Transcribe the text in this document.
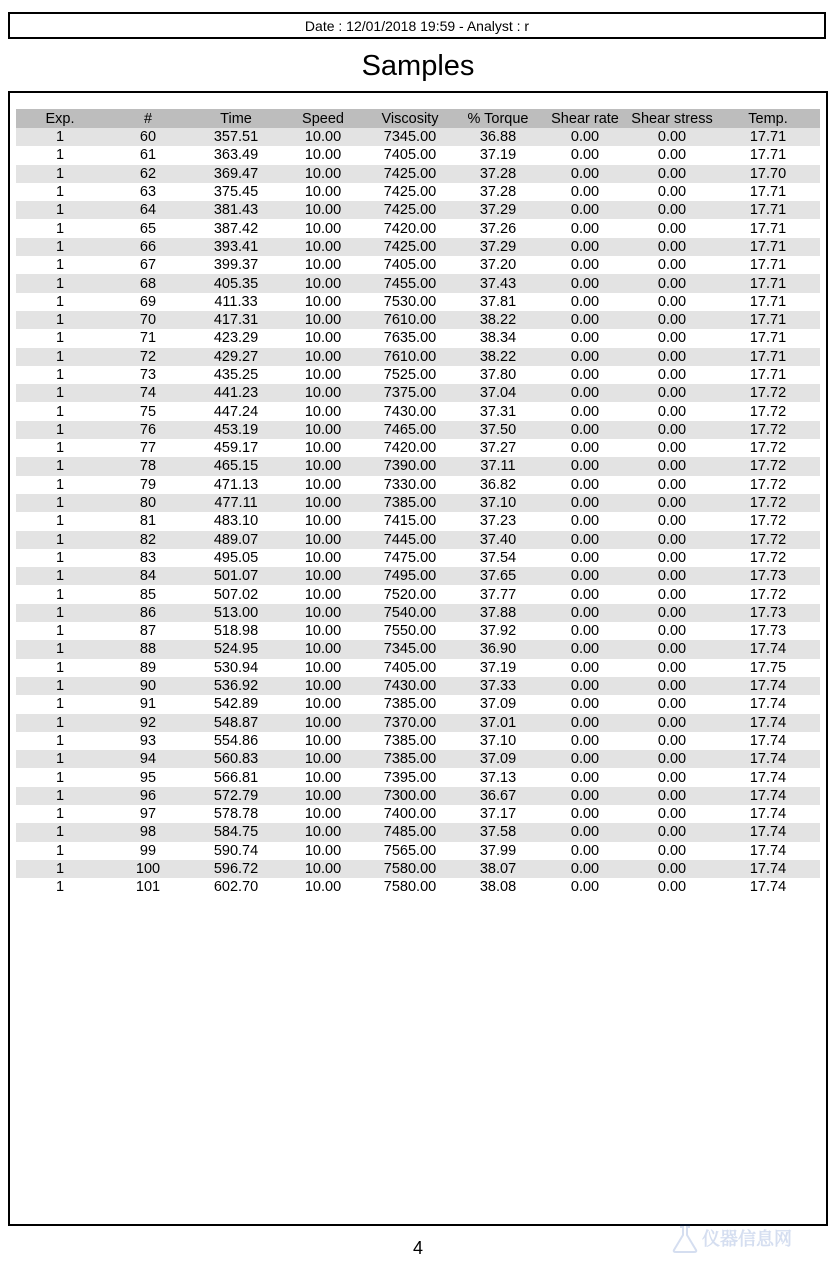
Date : 12/01/2018 19:59 - Analyst : r
Samples
Exp.	#	Time	Speed	Viscosity	% Torque	Shear rate	Shear stress	Temp.
1	60	357.51	10.00	7345.00	36.88	0.00	0.00	17.71
1	61	363.49	10.00	7405.00	37.19	0.00	0.00	17.71
1	62	369.47	10.00	7425.00	37.28	0.00	0.00	17.70
1	63	375.45	10.00	7425.00	37.28	0.00	0.00	17.71
1	64	381.43	10.00	7425.00	37.29	0.00	0.00	17.71
1	65	387.42	10.00	7420.00	37.26	0.00	0.00	17.71
1	66	393.41	10.00	7425.00	37.29	0.00	0.00	17.71
1	67	399.37	10.00	7405.00	37.20	0.00	0.00	17.71
1	68	405.35	10.00	7455.00	37.43	0.00	0.00	17.71
1	69	411.33	10.00	7530.00	37.81	0.00	0.00	17.71
1	70	417.31	10.00	7610.00	38.22	0.00	0.00	17.71
1	71	423.29	10.00	7635.00	38.34	0.00	0.00	17.71
1	72	429.27	10.00	7610.00	38.22	0.00	0.00	17.71
1	73	435.25	10.00	7525.00	37.80	0.00	0.00	17.71
1	74	441.23	10.00	7375.00	37.04	0.00	0.00	17.72
1	75	447.24	10.00	7430.00	37.31	0.00	0.00	17.72
1	76	453.19	10.00	7465.00	37.50	0.00	0.00	17.72
1	77	459.17	10.00	7420.00	37.27	0.00	0.00	17.72
1	78	465.15	10.00	7390.00	37.11	0.00	0.00	17.72
1	79	471.13	10.00	7330.00	36.82	0.00	0.00	17.72
1	80	477.11	10.00	7385.00	37.10	0.00	0.00	17.72
1	81	483.10	10.00	7415.00	37.23	0.00	0.00	17.72
1	82	489.07	10.00	7445.00	37.40	0.00	0.00	17.72
1	83	495.05	10.00	7475.00	37.54	0.00	0.00	17.72
1	84	501.07	10.00	7495.00	37.65	0.00	0.00	17.73
1	85	507.02	10.00	7520.00	37.77	0.00	0.00	17.72
1	86	513.00	10.00	7540.00	37.88	0.00	0.00	17.73
1	87	518.98	10.00	7550.00	37.92	0.00	0.00	17.73
1	88	524.95	10.00	7345.00	36.90	0.00	0.00	17.74
1	89	530.94	10.00	7405.00	37.19	0.00	0.00	17.75
1	90	536.92	10.00	7430.00	37.33	0.00	0.00	17.74
1	91	542.89	10.00	7385.00	37.09	0.00	0.00	17.74
1	92	548.87	10.00	7370.00	37.01	0.00	0.00	17.74
1	93	554.86	10.00	7385.00	37.10	0.00	0.00	17.74
1	94	560.83	10.00	7385.00	37.09	0.00	0.00	17.74
1	95	566.81	10.00	7395.00	37.13	0.00	0.00	17.74
1	96	572.79	10.00	7300.00	36.67	0.00	0.00	17.74
1	97	578.78	10.00	7400.00	37.17	0.00	0.00	17.74
1	98	584.75	10.00	7485.00	37.58	0.00	0.00	17.74
1	99	590.74	10.00	7565.00	37.99	0.00	0.00	17.74
1	100	596.72	10.00	7580.00	38.07	0.00	0.00	17.74
1	101	602.70	10.00	7580.00	38.08	0.00	0.00	17.74
4	仪器信息网
